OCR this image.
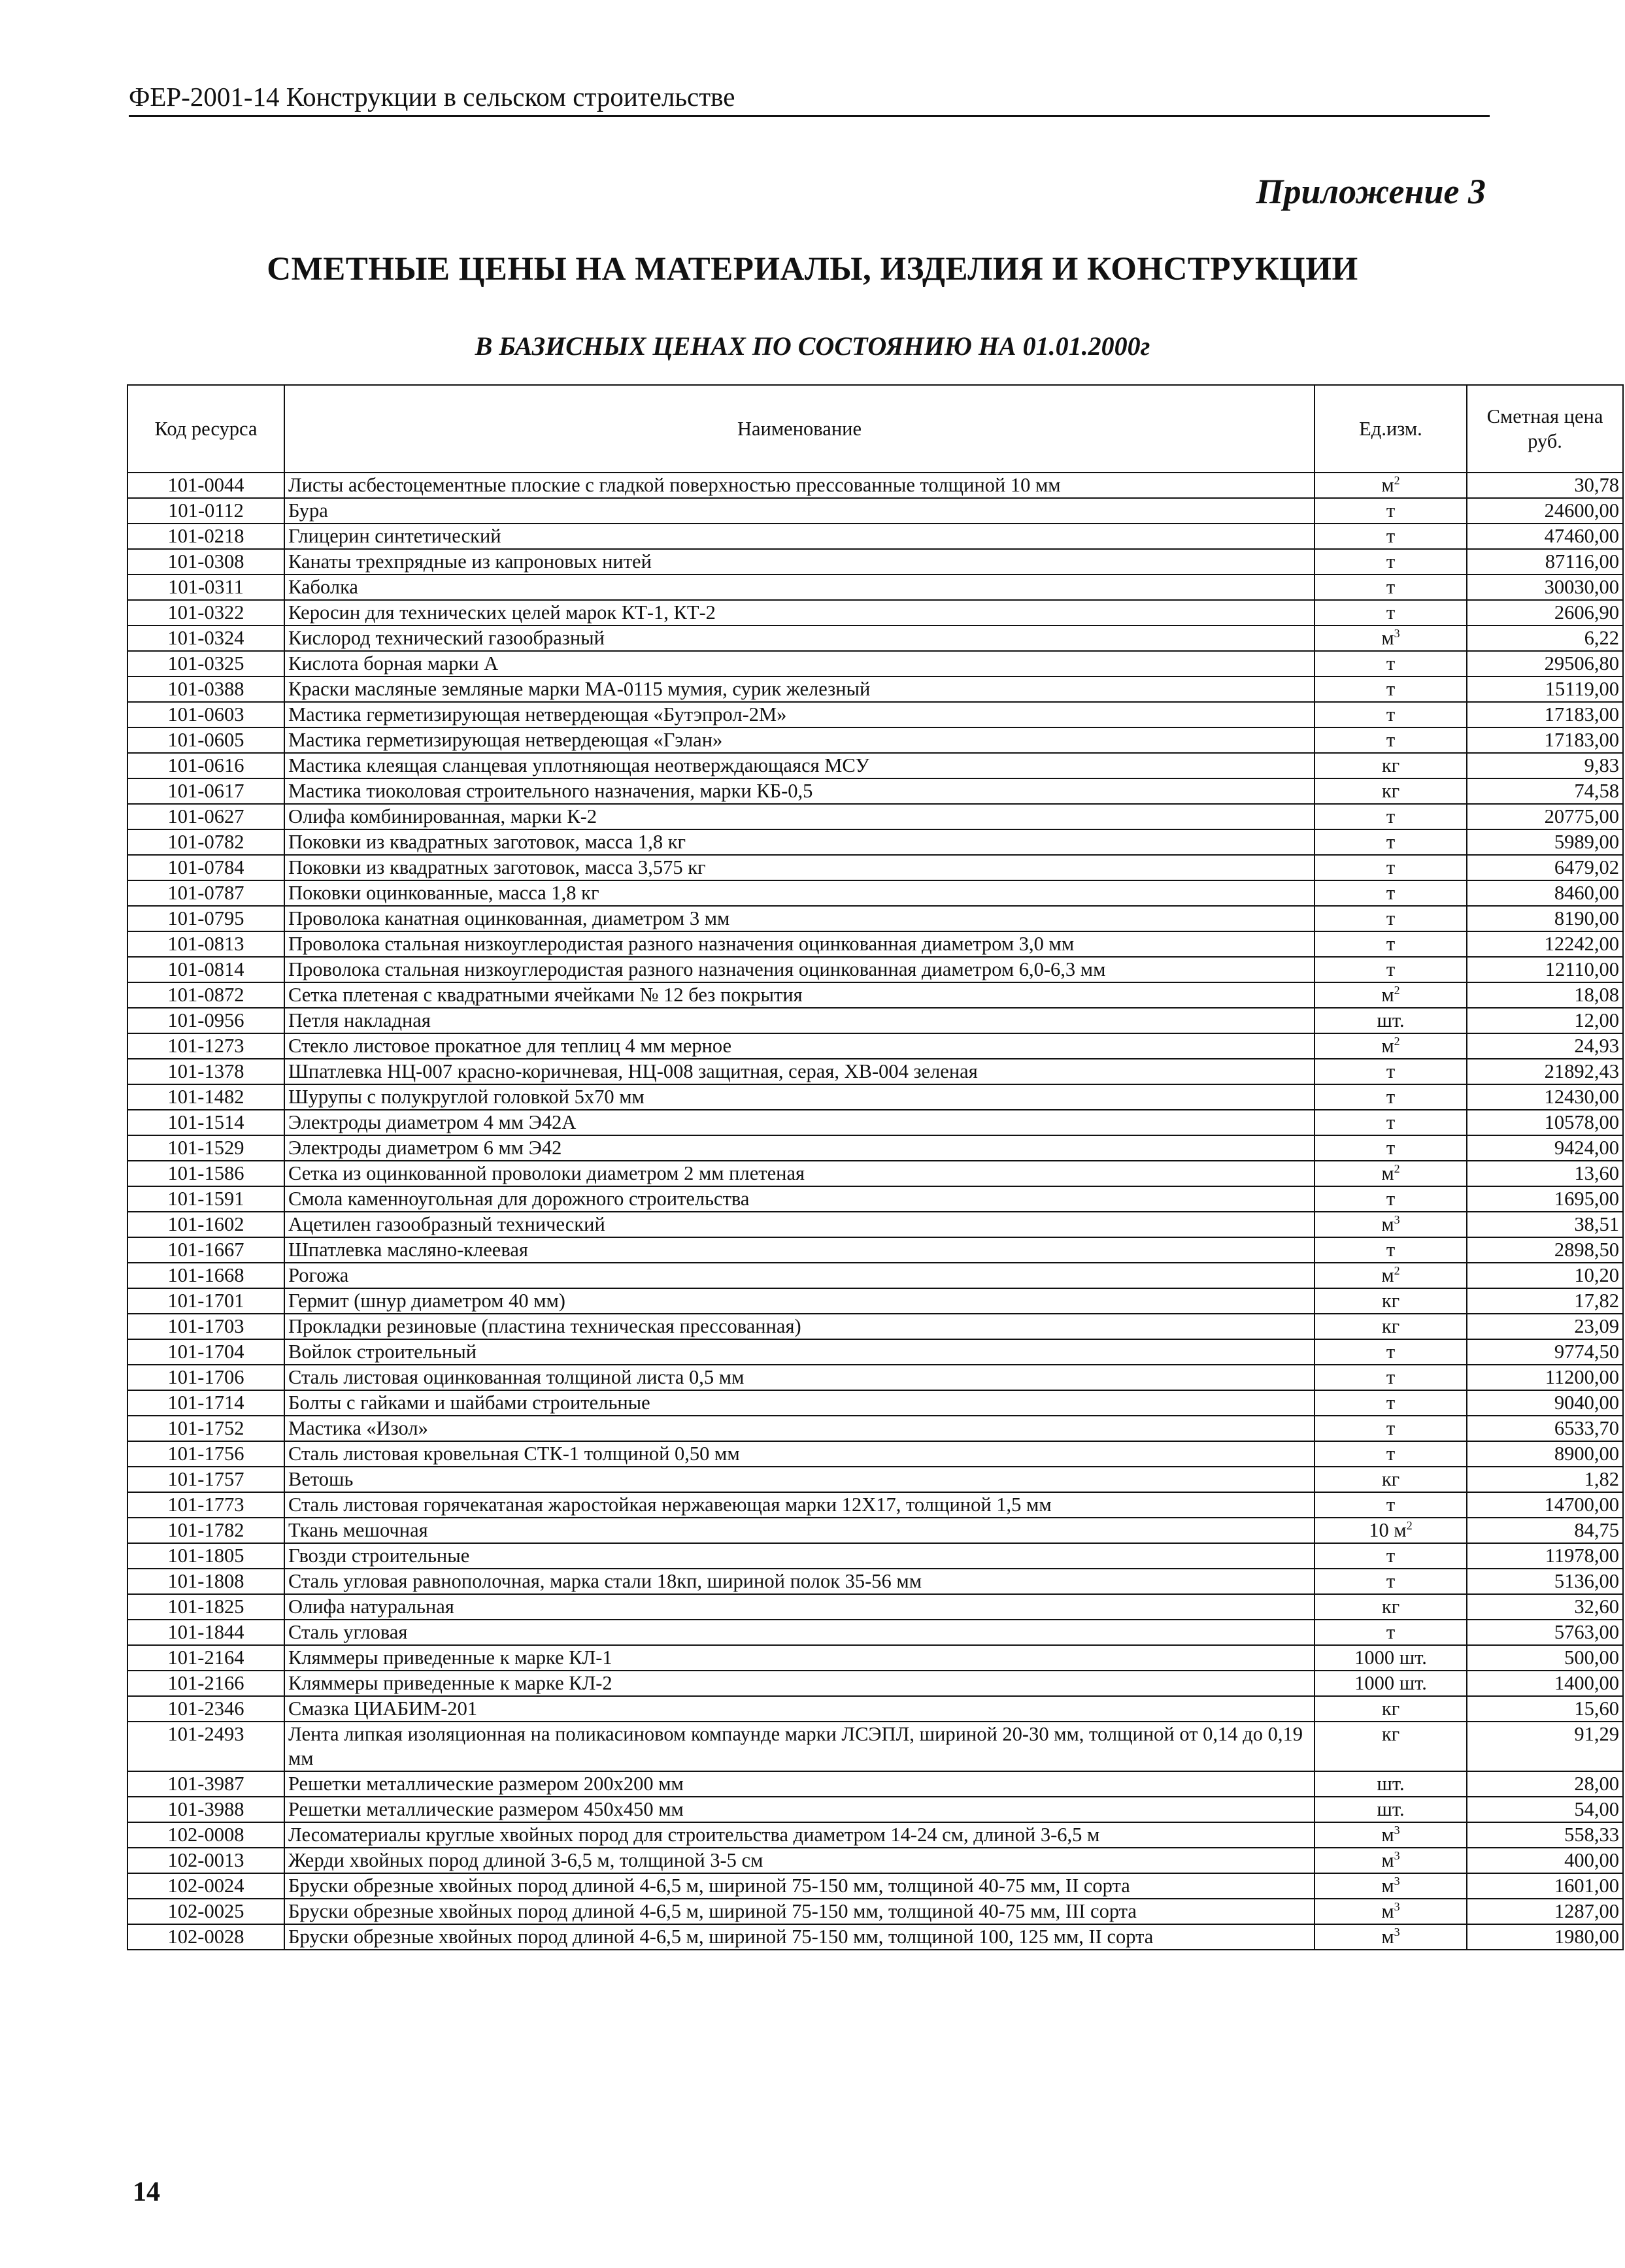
ФЕР-2001-14 Конструкции в сельском строительстве
Приложение 3
СМЕТНЫЕ ЦЕНЫ НА МАТЕРИАЛЫ, ИЗДЕЛИЯ И КОНСТРУКЦИИ
В БАЗИСНЫХ ЦЕНАХ ПО СОСТОЯНИЮ НА 01.01.2000г
Код ресурса	Наименование	Ед.изм.	Сметная цена руб.
101-0044	Листы асбестоцементные плоские с гладкой поверхностью прессованные толщиной 10 мм	$м^2$	30,78
101-0112	Бура	т	24600,00
101-0218	Глицерин синтетический	т	47460,00
101-0308	Канаты трехпрядные из капроновых нитей	т	87116,00
101-0311	Каболка	т	30030,00
101-0322	Керосин для технических целей марок КТ-1, КТ-2	т	2606,90
101-0324	Кислород технический газообразный	$м^3$	6,22
101-0325	Кислота борная марки А	т	29506,80
101-0388	Краски масляные земляные марки МА-0115 мумия, сурик железный	т	15119,00
101-0603	Мастика герметизирующая нетвердеющая «Бутэпрол-2М»	т	17183,00
101-0605	Мастика герметизирующая нетвердеющая «Гэлан»	т	17183,00
101-0616	Мастика клеящая сланцевая уплотняющая неотверждающаяся МСУ	кг	9,83
101-0617	Мастика тиоколовая строительного назначения, марки КБ-0,5	кг	74,58
101-0627	Олифа комбинированная, марки К-2	т	20775,00
101-0782	Поковки из квадратных заготовок, масса 1,8 кг	т	5989,00
101-0784	Поковки из квадратных заготовок, масса 3,575 кг	т	6479,02
101-0787	Поковки оцинкованные, масса 1,8 кг	т	8460,00
101-0795	Проволока канатная оцинкованная, диаметром 3 мм	т	8190,00
101-0813	Проволока стальная низкоуглеродистая разного назначения оцинкованная диаметром 3,0 мм	т	12242,00
101-0814	Проволока стальная низкоуглеродистая разного назначения оцинкованная диаметром 6,0-6,3 мм	т	12110,00
101-0872	Сетка плетеная с квадратными ячейками № 12 без покрытия	$м^2$	18,08
101-0956	Петля накладная	шт.	12,00
101-1273	Стекло листовое прокатное для теплиц 4 мм мерное	$м^2$	24,93
101-1378	Шпатлевка НЦ-007 красно-коричневая, НЦ-008 защитная, серая, ХВ-004 зеленая	т	21892,43
101-1482	Шурупы с полукруглой головкой 5х70 мм	т	12430,00
101-1514	Электроды диаметром 4 мм Э42А	т	10578,00
101-1529	Электроды диаметром 6 мм Э42	т	9424,00
101-1586	Сетка из оцинкованной проволоки диаметром 2 мм плетеная	$м^2$	13,60
101-1591	Смола каменноугольная для дорожного строительства	т	1695,00
101-1602	Ацетилен газообразный технический	$м^3$	38,51
101-1667	Шпатлевка масляно-клеевая	т	2898,50
101-1668	Рогожа	$м^2$	10,20
101-1701	Гермит (шнур диаметром 40 мм)	кг	17,82
101-1703	Прокладки резиновые (пластина техническая прессованная)	кг	23,09
101-1704	Войлок строительный	т	9774,50
101-1706	Сталь листовая оцинкованная толщиной листа 0,5 мм	т	11200,00
101-1714	Болты с гайками и шайбами строительные	т	9040,00
101-1752	Мастика «Изол»	т	6533,70
101-1756	Сталь листовая кровельная СТК-1 толщиной 0,50 мм	т	8900,00
101-1757	Ветошь	кг	1,82
101-1773	Сталь листовая горячекатаная жаростойкая нержавеющая марки 12Х17, толщиной 1,5 мм	т	14700,00
101-1782	Ткань мешочная	10 $м^2$	84,75
101-1805	Гвозди строительные	т	11978,00
101-1808	Сталь угловая равнополочная, марка стали 18кп, шириной полок 35-56 мм	т	5136,00
101-1825	Олифа натуральная	кг	32,60
101-1844	Сталь угловая	т	5763,00
101-2164	Кляммеры приведенные к марке КЛ-1	1000 шт.	500,00
101-2166	Кляммеры приведенные к марке КЛ-2	1000 шт.	1400,00
101-2346	Смазка ЦИАБИМ-201	кг	15,60
101-2493	Лента липкая изоляционная на поликасиновом компаунде марки ЛСЭПЛ, шириной 20-30 мм, толщиной от 0,14 до 0,19 мм	кг	91,29
101-3987	Решетки металлические размером 200х200 мм	шт.	28,00
101-3988	Решетки металлические размером 450х450 мм	шт.	54,00
102-0008	Лесоматериалы круглые хвойных пород для строительства диаметром 14-24 см, длиной 3-6,5 м	$м^3$	558,33
102-0013	Жерди хвойных пород длиной 3-6,5 м, толщиной 3-5 см	$м^3$	400,00
102-0024	Бруски обрезные хвойных пород длиной 4-6,5 м, шириной 75-150 мм, толщиной 40-75 мм, II сорта	$м^3$	1601,00
102-0025	Бруски обрезные хвойных пород длиной 4-6,5 м, шириной 75-150 мм, толщиной 40-75 мм, III сорта	$м^3$	1287,00
102-0028	Бруски обрезные хвойных пород длиной 4-6,5 м, шириной 75-150 мм, толщиной 100, 125 мм, II сорта	$м^3$	1980,00
14
